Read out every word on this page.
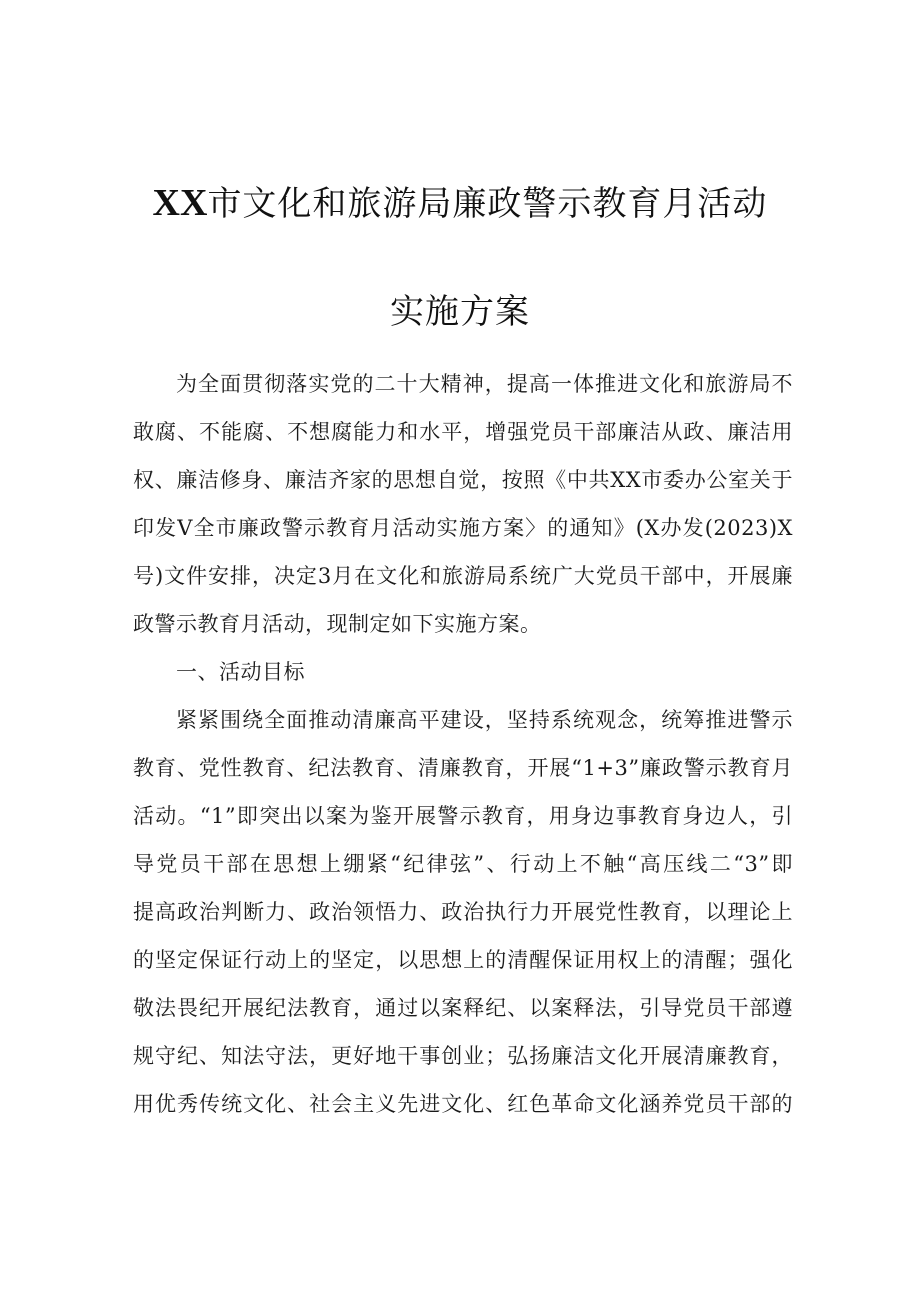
XX市文化和旅游局廉政警示教育月活动
实施方案
为全面贯彻落实党的二十大精神，提高一体推进文化和旅游局不
敢腐、不能腐、不想腐能力和水平，增强党员干部廉洁从政、廉洁用
权、廉洁修身、廉洁齐家的思想自觉，按照《中共XX市委办公室关于
印发V全市廉政警示教育月活动实施方案〉的通知》(X办发(2023)X
号)文件安排，决定3月在文化和旅游局系统广大党员干部中，开展廉
政警示教育月活动，现制定如下实施方案。
一、活动目标
紧紧围绕全面推动清廉高平建设，坚持系统观念，统筹推进警示
教育、党性教育、纪法教育、清廉教育，开展“1+3”廉政警示教育月
活动。“1”即突出以案为鉴开展警示教育，用身边事教育身边人，引
导党员干部在思想上绷紧“纪律弦”、行动上不触“高压线二“3”即
提高政治判断力、政治领悟力、政治执行力开展党性教育，以理论上
的坚定保证行动上的坚定，以思想上的清醒保证用权上的清醒；强化
敬法畏纪开展纪法教育，通过以案释纪、以案释法，引导党员干部遵
规守纪、知法守法，更好地干事创业；弘扬廉洁文化开展清廉教育，
用优秀传统文化、社会主义先进文化、红色革命文化涵养党员干部的
